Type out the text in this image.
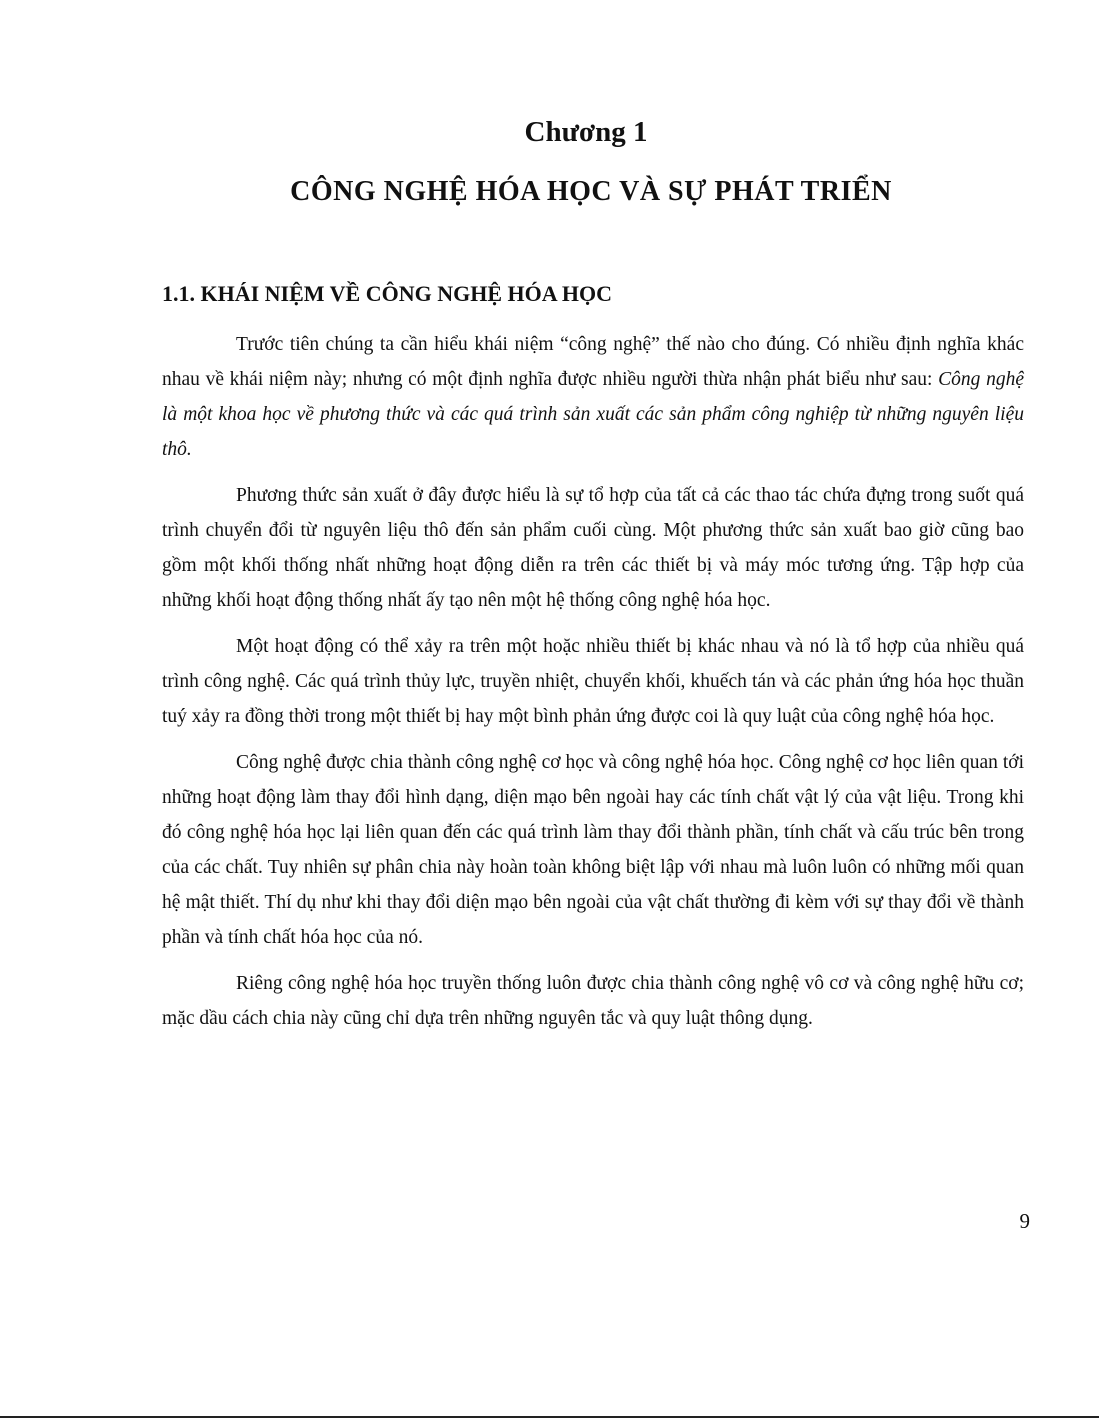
Chương 1
CÔNG NGHỆ HÓA HỌC VÀ SỰ PHÁT TRIỂN
1.1. KHÁI NIỆM VỀ CÔNG NGHỆ HÓA HỌC

Trước tiên chúng ta cần hiểu khái niệm “công nghệ” thế nào cho đúng. Có nhiều định nghĩa khác nhau về khái niệm này; nhưng có một định nghĩa được nhiều người thừa nhận phát biểu như sau: Công nghệ là một khoa học về phương thức và các quá trình sản xuất các sản phẩm công nghiệp từ những nguyên liệu thô.

Phương thức sản xuất ở đây được hiểu là sự tổ hợp của tất cả các thao tác chứa đựng trong suốt quá trình chuyển đổi từ nguyên liệu thô đến sản phẩm cuối cùng. Một phương thức sản xuất bao giờ cũng bao gồm một khối thống nhất những hoạt động diễn ra trên các thiết bị và máy móc tương ứng. Tập hợp của những khối hoạt động thống nhất ấy tạo nên một hệ thống công nghệ hóa học.

Một hoạt động có thể xảy ra trên một hoặc nhiều thiết bị khác nhau và nó là tổ hợp của nhiều quá trình công nghệ. Các quá trình thủy lực, truyền nhiệt, chuyển khối, khuếch tán và các phản ứng hóa học thuần tuý xảy ra đồng thời trong một thiết bị hay một bình phản ứng được coi là quy luật của công nghệ hóa học.

Công nghệ được chia thành công nghệ cơ học và công nghệ hóa học. Công nghệ cơ học liên quan tới những hoạt động làm thay đổi hình dạng, diện mạo bên ngoài hay các tính chất vật lý của vật liệu. Trong khi đó công nghệ hóa học lại liên quan đến các quá trình làm thay đổi thành phần, tính chất và cấu trúc bên trong của các chất. Tuy nhiên sự phân chia này hoàn toàn không biệt lập với nhau mà luôn luôn có những mối quan hệ mật thiết. Thí dụ như khi thay đổi diện mạo bên ngoài của vật chất thường đi kèm với sự thay đổi về thành phần và tính chất hóa học của nó.

Riêng công nghệ hóa học truyền thống luôn được chia thành công nghệ vô cơ và công nghệ hữu cơ; mặc dầu cách chia này cũng chỉ dựa trên những nguyên tắc và quy luật thông dụng.

9
